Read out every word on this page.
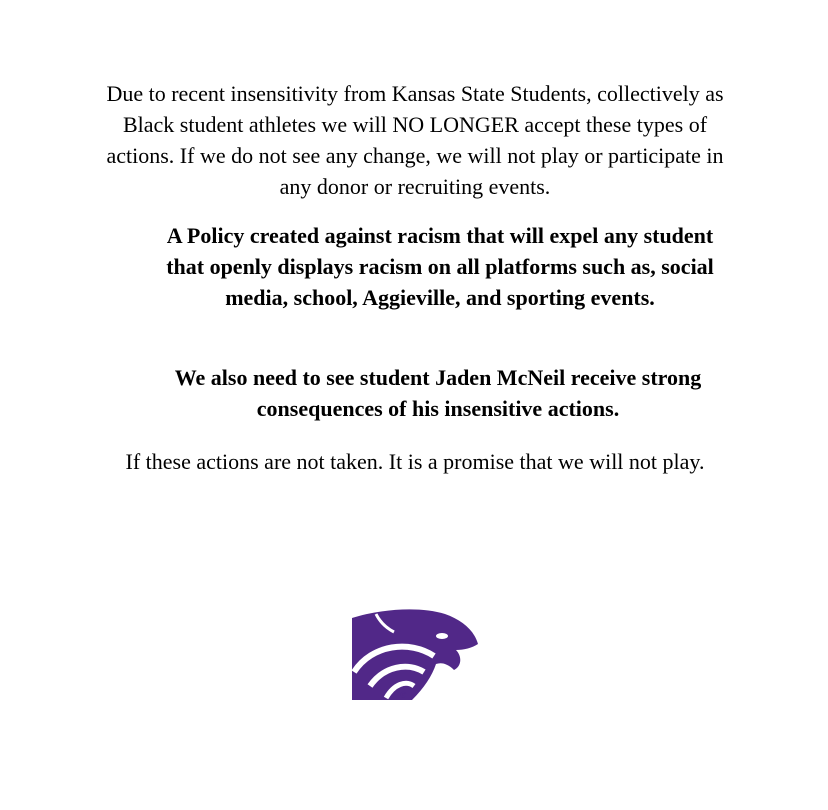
Due to recent insensitivity from Kansas State Students, collectively as Black student athletes we will NO LONGER accept these types of actions. If we do not see any change, we will not play or participate in any donor or recruiting events.

A Policy created against racism that will expel any student that openly displays racism on all platforms such as, social media, school, Aggieville, and sporting events.

We also need to see student Jaden McNeil receive strong consequences of his insensitive actions.

If these actions are not taken. It is a promise that we will not play.

®
